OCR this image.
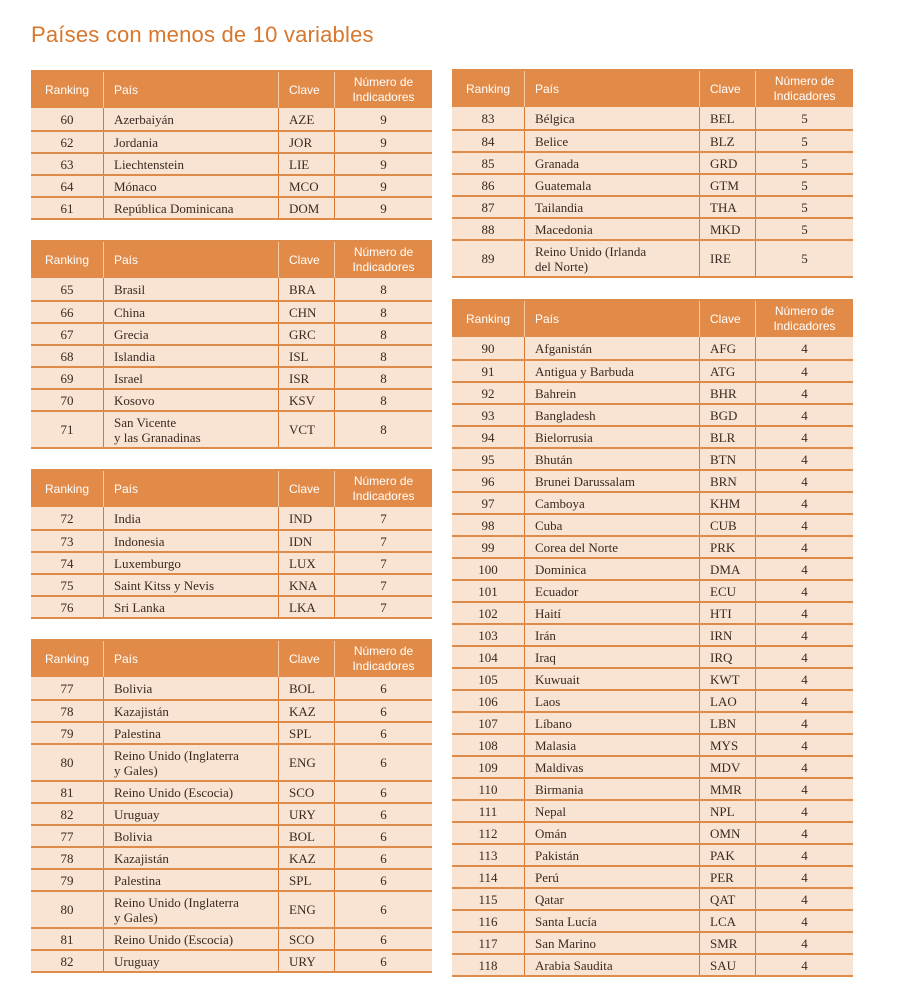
Países con menos de 10 variables
Ranking	País	Clave
Número de Indicadores
60	Azerbaiyán	AZE	9
62	Jordania	JOR	9
63	Liechtenstein	LIE	9
64	Mónaco	MCO	9
61	República Dominicana	DOM	9
Ranking	País	Clave
Número de Indicadores
65	Brasil	BRA	8
66	China	CHN	8
67	Grecia	GRC	8
68	Islandia	ISL	8
69	Israel	ISR	8
70	Kosovo	KSV	8
71	San Vicente
y las Granadinas	VCT	8
Ranking	País	Clave
Número de Indicadores
72	India	IND	7
73	Indonesia	IDN	7
74	Luxemburgo	LUX	7
75	Saint Kitss y Nevis	KNA	7
76	Sri Lanka	LKA	7
Ranking	País	Clave
Número de Indicadores
77	Bolivia	BOL	6
78	Kazajistán	KAZ	6
79	Palestina	SPL	6
80	Reino Unido (Inglaterra
y Gales)	ENG	6
81	Reino Unido (Escocia)	SCO	6
82	Uruguay	URY	6
77	Bolivia	BOL	6
78	Kazajistán	KAZ	6
79	Palestina	SPL	6
80	Reino Unido (Inglaterra
y Gales)	ENG	6
81	Reino Unido (Escocia)	SCO	6
82	Uruguay	URY	6
Ranking	País	Clave
Número de Indicadores
83	Bélgica	BEL	5
84	Belice	BLZ	5
85	Granada	GRD	5
86	Guatemala	GTM	5
87	Tailandia	THA	5
88	Macedonia	MKD	5
89	Reino Unido (Irlanda
del Norte)	IRE	5
Ranking	País	Clave
Número de Indicadores
90	Afganistán	AFG	4
91	Antigua y Barbuda	ATG	4
92	Bahrein	BHR	4
93	Bangladesh	BGD	4
94	Bielorrusia	BLR	4
95	Bhután	BTN	4
96	Brunei Darussalam	BRN	4
97	Camboya	KHM	4
98	Cuba	CUB	4
99	Corea del Norte	PRK	4
100	Dominica	DMA	4
101	Ecuador	ECU	4
102	Haití	HTI	4
103	Irán	IRN	4
104	Iraq	IRQ	4
105	Kuwuait	KWT	4
106	Laos	LAO	4
107	Líbano	LBN	4
108	Malasia	MYS	4
109	Maldivas	MDV	4
110	Birmania	MMR	4
111	Nepal	NPL	4
112	Omán	OMN	4
113	Pakistán	PAK	4
114	Perú	PER	4
115	Qatar	QAT	4
116	Santa Lucía	LCA	4
117	San Marino	SMR	4
118	Arabia Saudita	SAU	4
